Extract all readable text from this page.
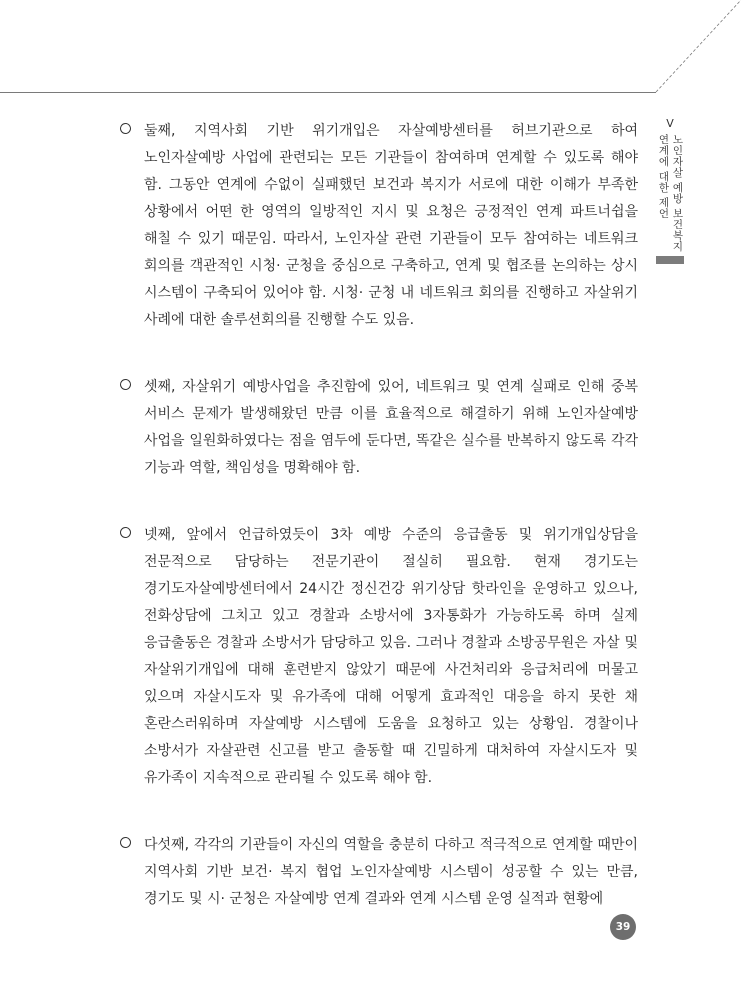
V
노인자살 예방 보건복지
연계에 대한 제언
둘째, 지역사회 기반 위기개입은 자살예방센터를 허브기관으로 하여 노인자살예방 사업에 관련되는 모든 기관들이 참여하며 연계할 수 있도록 해야 함. 그동안 연계에 수없이 실패했던 보건과 복지가 서로에 대한 이해가 부족한 상황에서 어떤 한 영역의 일방적인 지시 및 요청은 긍정적인 연계 파트너쉽을 해칠 수 있기 때문임. 따라서, 노인자살 관련 기관들이 모두 참여하는 네트워크 회의를 객관적인 시청· 군청을 중심으로 구축하고, 연계 및 협조를 논의하는 상시 시스템이 구축되어 있어야 함. 시청· 군청 내 네트워크 회의를 진행하고 자살위기 사례에 대한 솔루션회의를 진행할 수도 있음.
셋째, 자살위기 예방사업을 추진함에 있어, 네트워크 및 연계 실패로 인해 중복 서비스 문제가 발생해왔던 만큼 이를 효율적으로 해결하기 위해 노인자살예방 사업을 일원화하였다는 점을 염두에 둔다면, 똑같은 실수를 반복하지 않도록 각각 기능과 역할, 책임성을 명확해야 함.
넷째, 앞에서 언급하였듯이 3차 예방 수준의 응급출동 및 위기개입상담을 전문적으로 담당하는 전문기관이 절실히 필요함. 현재 경기도는 경기도자살예방센터에서 24시간 정신건강 위기상담 핫라인을 운영하고 있으나, 전화상담에 그치고 있고 경찰과 소방서에 3자통화가 가능하도록 하며 실제 응급출동은 경찰과 소방서가 담당하고 있음. 그러나 경찰과 소방공무원은 자살 및 자살위기개입에 대해 훈련받지 않았기 때문에 사건처리와 응급처리에 머물고 있으며 자살시도자 및 유가족에 대해 어떻게 효과적인 대응을 하지 못한 채 혼란스러워하며 자살예방 시스템에 도움을 요청하고 있는 상황임. 경찰이나 소방서가 자살관련 신고를 받고 출동할 때 긴밀하게 대처하여 자살시도자 및 유가족이 지속적으로 관리될 수 있도록 해야 함.
다섯째, 각각의 기관들이 자신의 역할을 충분히 다하고 적극적으로 연계할 때만이 지역사회 기반 보건· 복지 협업 노인자살예방 시스템이 성공할 수 있는 만큼, 경기도 및 시· 군청은 자살예방 연계 결과와 연계 시스템 운영 실적과 현황에
39
